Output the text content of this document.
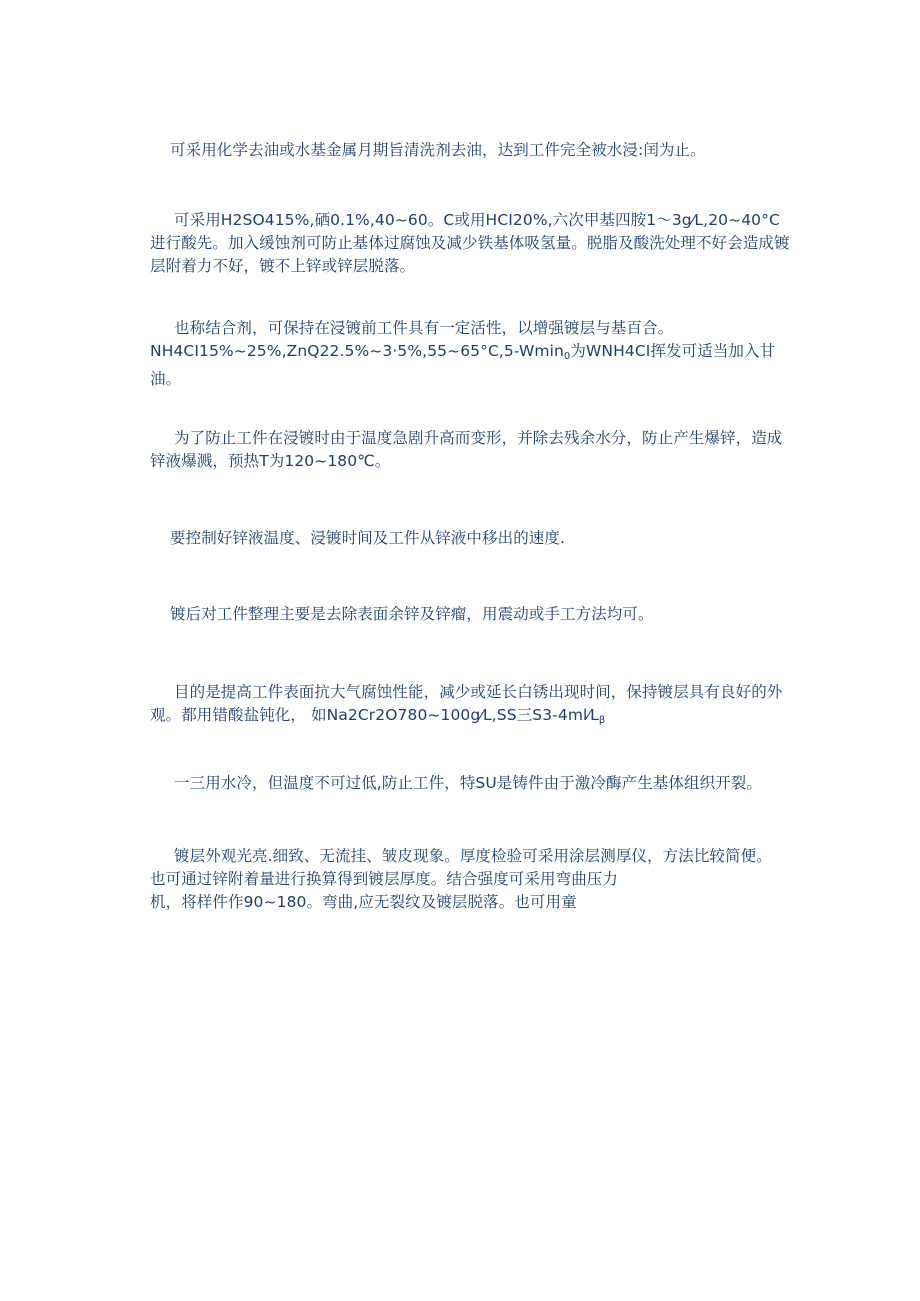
可采用化学去油或水基金属月期旨清洗剂去油，达到工件完全被水浸:闰为止。

可采用H2SO415%,硒0.1%,40~60。C或用HCI20%,六次甲基四胺1～3g⁄L,20~40°C
进行酸先。加入缓蚀剂可防止基体过腐蚀及减少铁基体吸氢量。脱脂及酸洗处理不好会造成镀
层附着力不好，镀不上锌或锌层脱落。

也称结合剂，可保持在浸镀前工件具有一定活性，以增强镀层与基百合。
NH4CI15%~25%,ZnQ22.5%~3·5%,55~65°C,5-Wmin$_0$为WNH4CI挥发可适当加入甘
油。

为了防止工件在浸镀时由于温度急剧升高而变形，并除去残余水分，防止产生爆锌，造成
锌液爆溅，预热T为120~180℃。

要控制好锌液温度、浸镀时间及工件从锌液中移出的速度.

镀后对工件整理主要是去除表面余锌及锌瘤，用震动或手工方法均可。

目的是提高工件表面抗大气腐蚀性能，减少或延长白锈出现时间，保持镀层具有良好的外
观。都用错酸盐钝化， 如Na2Cr2O780~100g⁄L,SS三$S3-4ml⁄L_\beta$

一三用水冷，但温度不可过低,防止工件，特SU是铸件由于激冷酶产生基体组织开裂。

镀层外观光亮.细致、无流挂、皱皮现象。厚度检验可采用涂层测厚仪，方法比较简便。
也可通过锌附着量进行换算得到镀层厚度。结合强度可采用弯曲压力
机，将样件作90~180。弯曲,应无裂纹及镀层脱落。也可用童
